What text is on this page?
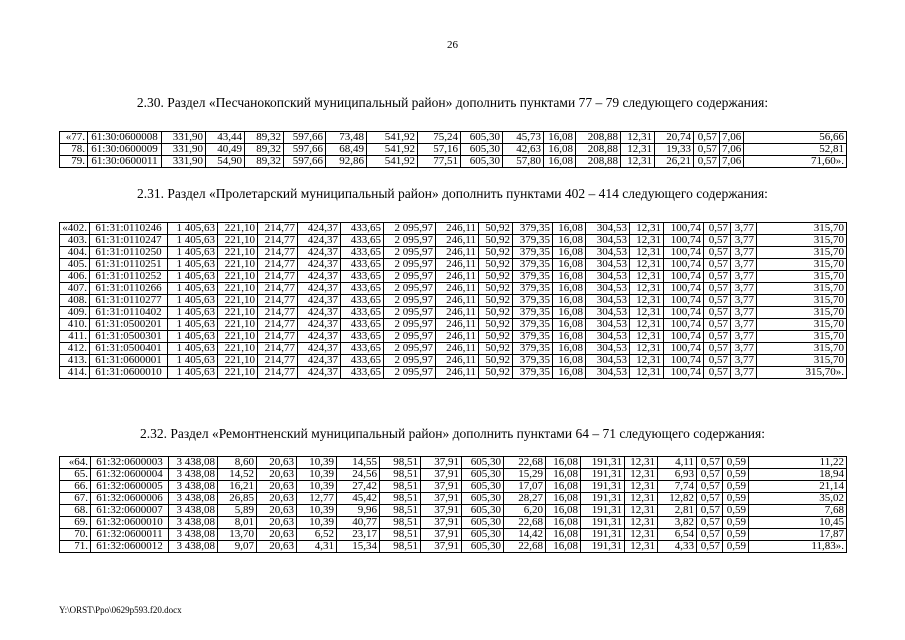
26
2.30. Раздел «Песчанокопский муниципальный район» дополнить пунктами 77 – 79 следующего содержания:
«77.	61:30:0600008	331,90	43,44	89,32	597,66	73,48	541,92	75,24	605,30	45,73	16,08	208,88	12,31	20,74	0,57	7,06	56,66
78.	61:30:0600009	331,90	40,49	89,32	597,66	68,49	541,92	57,16	605,30	42,63	16,08	208,88	12,31	19,33	0,57	7,06	52,81
79.	61:30:0600011	331,90	54,90	89,32	597,66	92,86	541,92	77,51	605,30	57,80	16,08	208,88	12,31	26,21	0,57	7,06	71,60».
2.31. Раздел «Пролетарский муниципальный район» дополнить пунктами 402 – 414 следующего содержания:
«402.	61:31:0110246	1 405,63	221,10	214,77	424,37	433,65	2 095,97	246,11	50,92	379,35	16,08	304,53	12,31	100,74	0,57	3,77	315,70
403.	61:31:0110247	1 405,63	221,10	214,77	424,37	433,65	2 095,97	246,11	50,92	379,35	16,08	304,53	12,31	100,74	0,57	3,77	315,70
404.	61:31:0110250	1 405,63	221,10	214,77	424,37	433,65	2 095,97	246,11	50,92	379,35	16,08	304,53	12,31	100,74	0,57	3,77	315,70
405.	61:31:0110251	1 405,63	221,10	214,77	424,37	433,65	2 095,97	246,11	50,92	379,35	16,08	304,53	12,31	100,74	0,57	3,77	315,70
406.	61:31:0110252	1 405,63	221,10	214,77	424,37	433,65	2 095,97	246,11	50,92	379,35	16,08	304,53	12,31	100,74	0,57	3,77	315,70
407.	61:31:0110266	1 405,63	221,10	214,77	424,37	433,65	2 095,97	246,11	50,92	379,35	16,08	304,53	12,31	100,74	0,57	3,77	315,70
408.	61:31:0110277	1 405,63	221,10	214,77	424,37	433,65	2 095,97	246,11	50,92	379,35	16,08	304,53	12,31	100,74	0,57	3,77	315,70
409.	61:31:0110402	1 405,63	221,10	214,77	424,37	433,65	2 095,97	246,11	50,92	379,35	16,08	304,53	12,31	100,74	0,57	3,77	315,70
410.	61:31:0500201	1 405,63	221,10	214,77	424,37	433,65	2 095,97	246,11	50,92	379,35	16,08	304,53	12,31	100,74	0,57	3,77	315,70
411.	61:31:0500301	1 405,63	221,10	214,77	424,37	433,65	2 095,97	246,11	50,92	379,35	16,08	304,53	12,31	100,74	0,57	3,77	315,70
412.	61:31:0500401	1 405,63	221,10	214,77	424,37	433,65	2 095,97	246,11	50,92	379,35	16,08	304,53	12,31	100,74	0,57	3,77	315,70
413.	61:31:0600001	1 405,63	221,10	214,77	424,37	433,65	2 095,97	246,11	50,92	379,35	16,08	304,53	12,31	100,74	0,57	3,77	315,70
414.	61:31:0600010	1 405,63	221,10	214,77	424,37	433,65	2 095,97	246,11	50,92	379,35	16,08	304,53	12,31	100,74	0,57	3,77	315,70».
2.32. Раздел «Ремонтненский муниципальный район» дополнить пунктами 64 – 71 следующего содержания:
«64.	61:32:0600003	3 438,08	8,60	20,63	10,39	14,55	98,51	37,91	605,30	22,68	16,08	191,31	12,31	4,11	0,57	0,59	11,22
65.	61:32:0600004	3 438,08	14,52	20,63	10,39	24,56	98,51	37,91	605,30	15,29	16,08	191,31	12,31	6,93	0,57	0,59	18,94
66.	61:32:0600005	3 438,08	16,21	20,63	10,39	27,42	98,51	37,91	605,30	17,07	16,08	191,31	12,31	7,74	0,57	0,59	21,14
67.	61:32:0600006	3 438,08	26,85	20,63	12,77	45,42	98,51	37,91	605,30	28,27	16,08	191,31	12,31	12,82	0,57	0,59	35,02
68.	61:32:0600007	3 438,08	5,89	20,63	10,39	9,96	98,51	37,91	605,30	6,20	16,08	191,31	12,31	2,81	0,57	0,59	7,68
69.	61:32:0600010	3 438,08	8,01	20,63	10,39	40,77	98,51	37,91	605,30	22,68	16,08	191,31	12,31	3,82	0,57	0,59	10,45
70.	61:32:0600011	3 438,08	13,70	20,63	6,52	23,17	98,51	37,91	605,30	14,42	16,08	191,31	12,31	6,54	0,57	0,59	17,87
71.	61:32:0600012	3 438,08	9,07	20,63	4,31	15,34	98,51	37,91	605,30	22,68	16,08	191,31	12,31	4,33	0,57	0,59	11,83».
Y:\ORST\Ppo\0629p593.f20.docx
